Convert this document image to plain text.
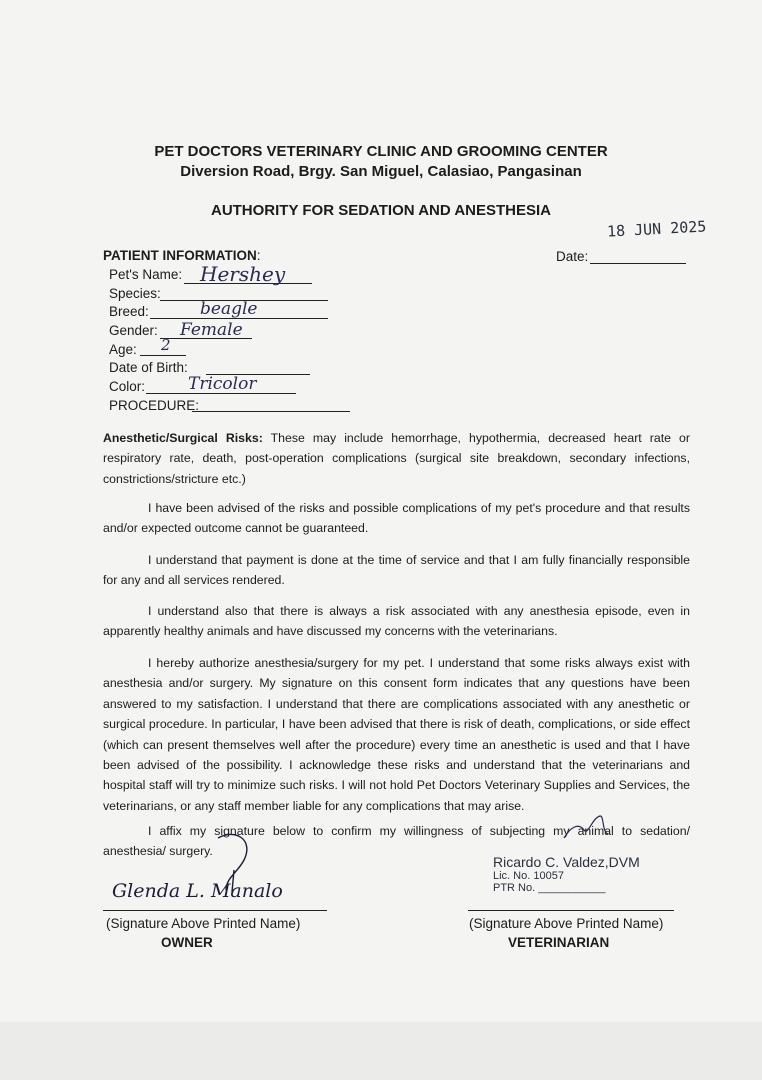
PET DOCTORS VETERINARY CLINIC AND GROOMING CENTER
Diversion Road, Brgy. San Miguel, Calasiao, Pangasinan
AUTHORITY FOR SEDATION AND ANESTHESIA
18 JUN 2025
PATIENT INFORMATION:	Date:
Pet's Name: Hershey
Species:
Breed:	beagle
Gender: Female
Age: 2
Date of Birth:
Color:	Tricolor
PROCEDURE:
Anesthetic/Surgical Risks: These may include hemorrhage, hypothermia, decreased heart rate or respiratory rate, death, post-operation complications (surgical site breakdown, secondary infections, constrictions/stricture etc.)
I have been advised of the risks and possible complications of my pet's procedure and that results and/or expected outcome cannot be guaranteed.
I understand that payment is done at the time of service and that I am fully financially responsible for any and all services rendered.
I understand also that there is always a risk associated with any anesthesia episode, even in apparently healthy animals and have discussed my concerns with the veterinarians.
I hereby authorize anesthesia/surgery for my pet. I understand that some risks always exist with anesthesia and/or surgery. My signature on this consent form indicates that any questions have been answered to my satisfaction. I understand that there are complications associated with any anesthetic or surgical procedure. In particular, I have been advised that there is risk of death, complications, or side effect (which can present themselves well after the procedure) every time an anesthetic is used and that I have been advised of the possibility. I acknowledge these risks and understand that the veterinarians and hospital staff will try to minimize such risks. I will not hold Pet Doctors Veterinary Supplies and Services, the veterinarians, or any staff member liable for any complications that may arise.
I affix my signature below to confirm my willingness of subjecting my animal to sedation/ anesthesia/ surgery.
Ricardo C. Valdez,DVM
Lic. No. 10057
PTR No. ___________
Glenda L. Manalo
(Signature Above Printed Name)
OWNER
(Signature Above Printed Name)
VETERINARIAN
